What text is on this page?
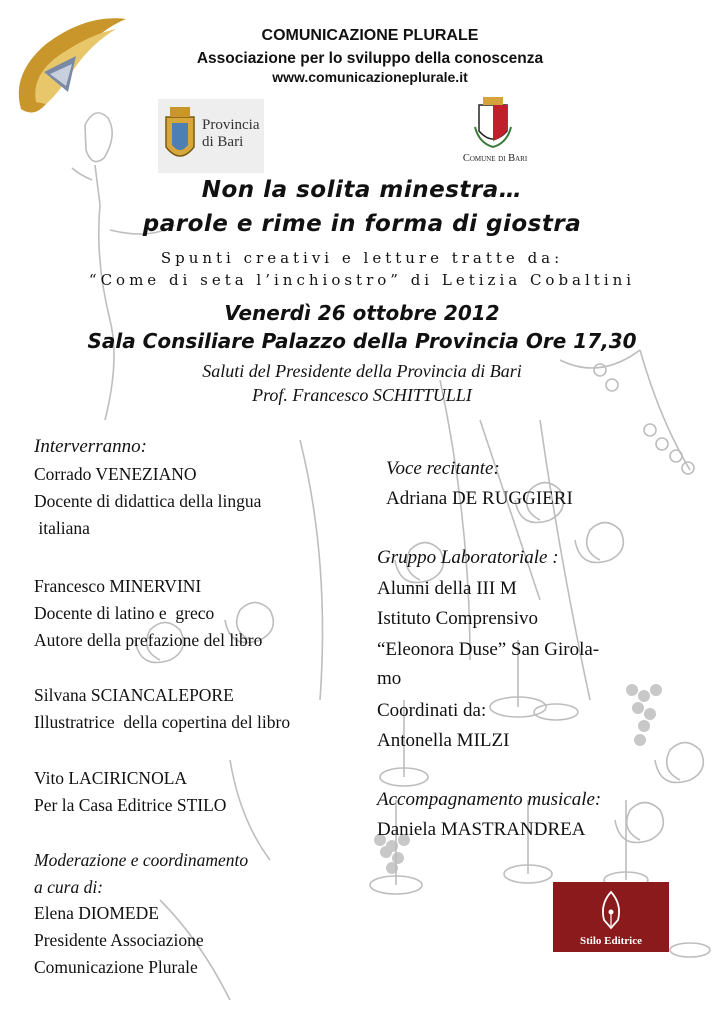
COMUNICAZIONE PLURALE
Associazione per lo sviluppo della conoscenza
www.comunicazioneplurale.it
Provincia di Bari
Comune di Bari
Non la solita minestra…
parole e rime in forma di giostra
Spunti creativi e letture tratte da:
“Come di seta l’inchiostro” di Letizia Cobaltini
Venerdì 26 ottobre 2012
Sala Consiliare Palazzo della Provincia Ore 17,30
Saluti del Presidente della Provincia di Bari
Prof. Francesco SCHITTULLI
Interverranno:
Corrado VENEZIANO
Docente di didattica della lingua
italiana
Francesco MINERVINI
Docente di latino e  greco
Autore della prefazione del libro
Silvana SCIANCALEPORE
Illustratrice  della copertina del libro
Vito LACIRICNOLA
Per la Casa Editrice STILO
Moderazione e coordinamento
a cura di:
Elena DIOMEDE
Presidente Associazione
Comunicazione Plurale
Voce recitante:
Adriana DE RUGGIERI
Gruppo Laboratoriale :
Alunni della III M
Istituto Comprensivo
“Eleonora Duse” San Girola-
mo
Coordinati da:
Antonella MILZI
Accompagnamento musicale:
Daniela MASTRANDREA
Stilo Editrice
